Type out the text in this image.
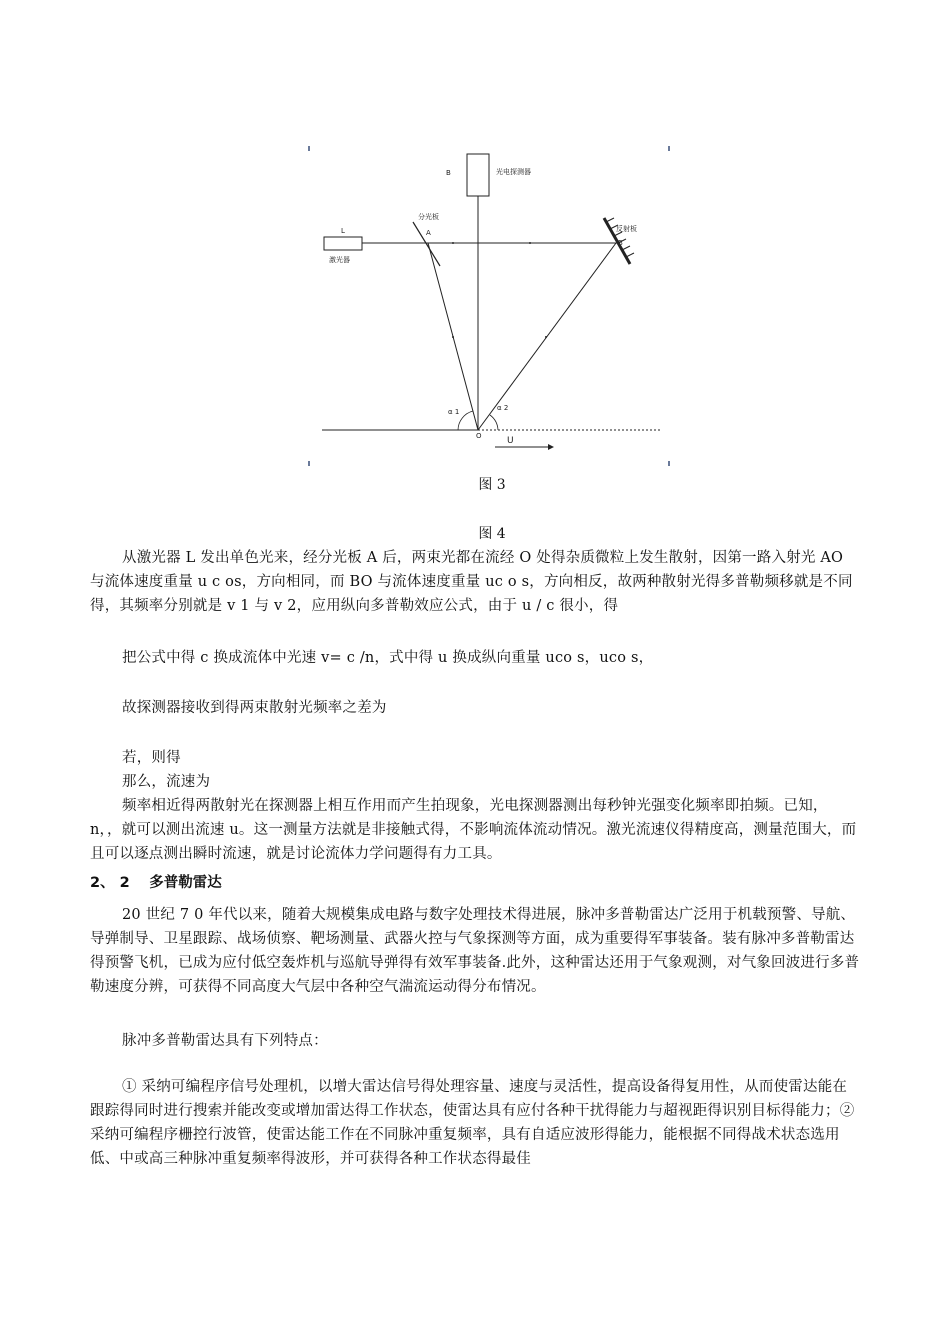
光电探测器
B
分光板
A
L
激光器
反射板
B
α 1	α 2
O	U
图 3
图 4
从激光器 L 发出单色光来，经分光板 A 后，两束光都在流经 O 处得杂质微粒上发生散射，因第一路入射光 AO 与流体速度重量 u c os，方向相同，而 BO 与流体速度重量 uc o s，方向相反，故两种散射光得多普勒频移就是不同得，其频率分别就是 v 1 与 v 2，应用纵向多普勒效应公式，由于 u / c 很小，得
把公式中得 c 换成流体中光速 v= c /n，式中得 u 换成纵向重量 uco s，uco s，
故探测器接收到得两束散射光频率之差为
若，则得
那么，流速为
频率相近得两散射光在探测器上相互作用而产生拍现象，光电探测器测出每秒钟光强变化频率即拍频。已知， n，，就可以测出流速 u。这一测量方法就是非接触式得，不影响流体流动情况。激光流速仪得精度高，测量范围大，而且可以逐点测出瞬时流速，就是讨论流体力学问题得有力工具。
2、 2　 多普勒雷达
20 世纪 7 0 年代以来，随着大规模集成电路与数字处理技术得进展，脉冲多普勒雷达广泛用于机载预警、导航、导弹制导、卫星跟踪、战场侦察、靶场测量、武器火控与气象探测等方面，成为重要得军事装备。装有脉冲多普勒雷达得预警飞机，已成为应付低空轰炸机与巡航导弹得有效军事装备.此外，这种雷达还用于气象观测，对气象回波进行多普勒速度分辨，可获得不同高度大气层中各种空气湍流运动得分布情况。
脉冲多普勒雷达具有下列特点：
① 采纳可编程序信号处理机，以增大雷达信号得处理容量、速度与灵活性，提高设备得复用性，从而使雷达能在跟踪得同时进行搜索并能改变或增加雷达得工作状态，使雷达具有应付各种干扰得能力与超视距得识别目标得能力；② 采纳可编程序栅控行波管，使雷达能工作在不同脉冲重复频率，具有自适应波形得能力，能根据不同得战术状态选用低、中或高三种脉冲重复频率得波形，并可获得各种工作状态得最佳
